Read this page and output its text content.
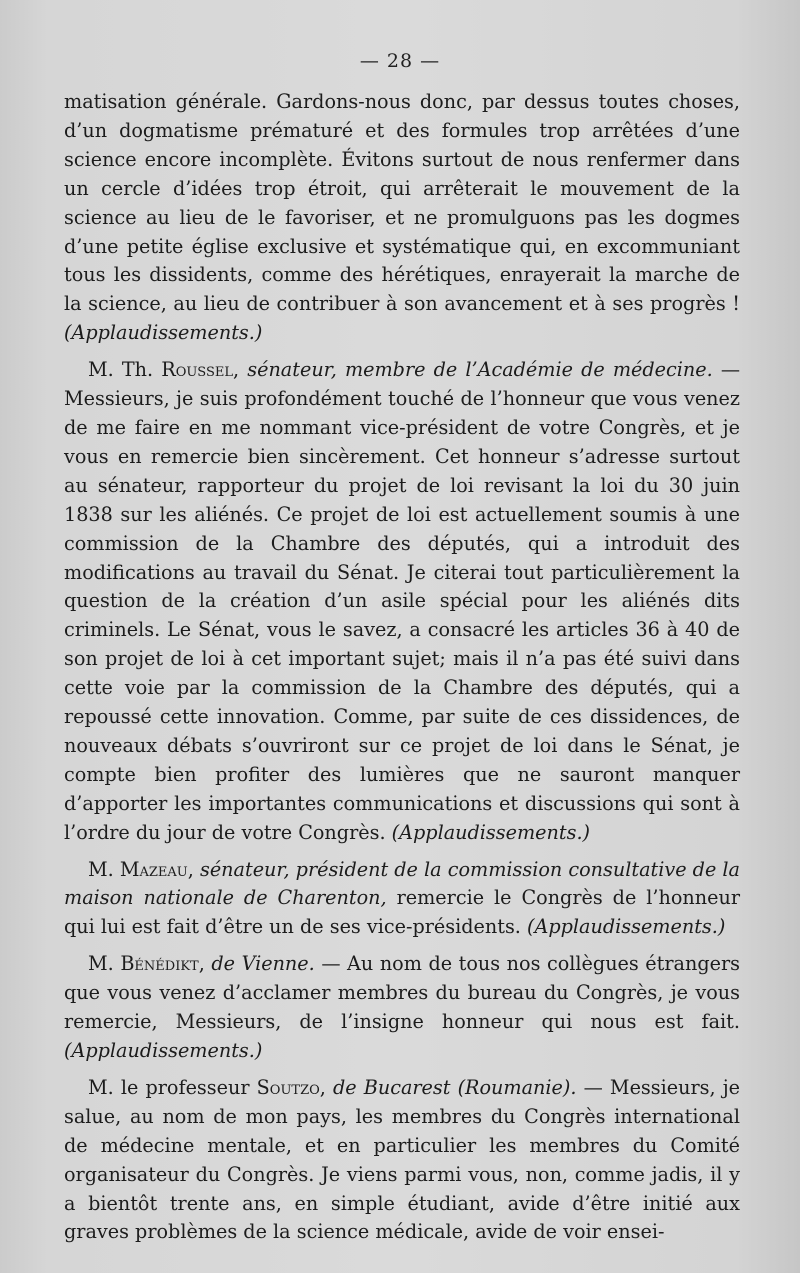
— 28 —

matisation générale. Gardons-nous donc, par dessus toutes choses, d’un dogmatisme prématuré et des formules trop arrêtées d’une science encore incomplète. Évitons surtout de nous renfermer dans un cercle d’idées trop étroit, qui arrêterait le mouvement de la science au lieu de le favoriser, et ne promulguons pas les dogmes d’une petite église exclusive et systématique qui, en excommuniant tous les dissidents, comme des hérétiques, enrayerait la marche de la science, au lieu de contribuer à son avancement et à ses progrès ! (Applaudissements.)

M. Th. Roussel, sénateur, membre de l’Académie de médecine. — Messieurs, je suis profondément touché de l’honneur que vous venez de me faire en me nommant vice-président de votre Congrès, et je vous en remercie bien sincèrement. Cet honneur s’adresse surtout au sénateur, rapporteur du projet de loi revisant la loi du 30 juin 1838 sur les aliénés. Ce projet de loi est actuellement soumis à une commission de la Chambre des députés, qui a introduit des modifications au travail du Sénat. Je citerai tout particulièrement la question de la création d’un asile spécial pour les aliénés dits criminels. Le Sénat, vous le savez, a consacré les articles 36 à 40 de son projet de loi à cet important sujet; mais il n’a pas été suivi dans cette voie par la commission de la Chambre des députés, qui a repoussé cette innovation. Comme, par suite de ces dissidences, de nouveaux débats s’ouvriront sur ce projet de loi dans le Sénat, je compte bien profiter des lumières que ne sauront manquer d’apporter les importantes communications et discussions qui sont à l’ordre du jour de votre Congrès. (Applaudissements.)

M. Mazeau, sénateur, président de la commission consultative de la maison nationale de Charenton, remercie le Congrès de l’honneur qui lui est fait d’être un de ses vice-présidents. (Applaudissements.)

M. Bénédikt, de Vienne. — Au nom de tous nos collègues étrangers que vous venez d’acclamer membres du bureau du Congrès, je vous remercie, Messieurs, de l’insigne honneur qui nous est fait. (Applaudissements.)

M. le professeur Soutzo, de Bucarest (Roumanie). — Messieurs, je salue, au nom de mon pays, les membres du Congrès international de médecine mentale, et en particulier les membres du Comité organisateur du Congrès. Je viens parmi vous, non, comme jadis, il y a bientôt trente ans, en simple étudiant, avide d’être initié aux graves problèmes de la science médicale, avide de voir ensei-
